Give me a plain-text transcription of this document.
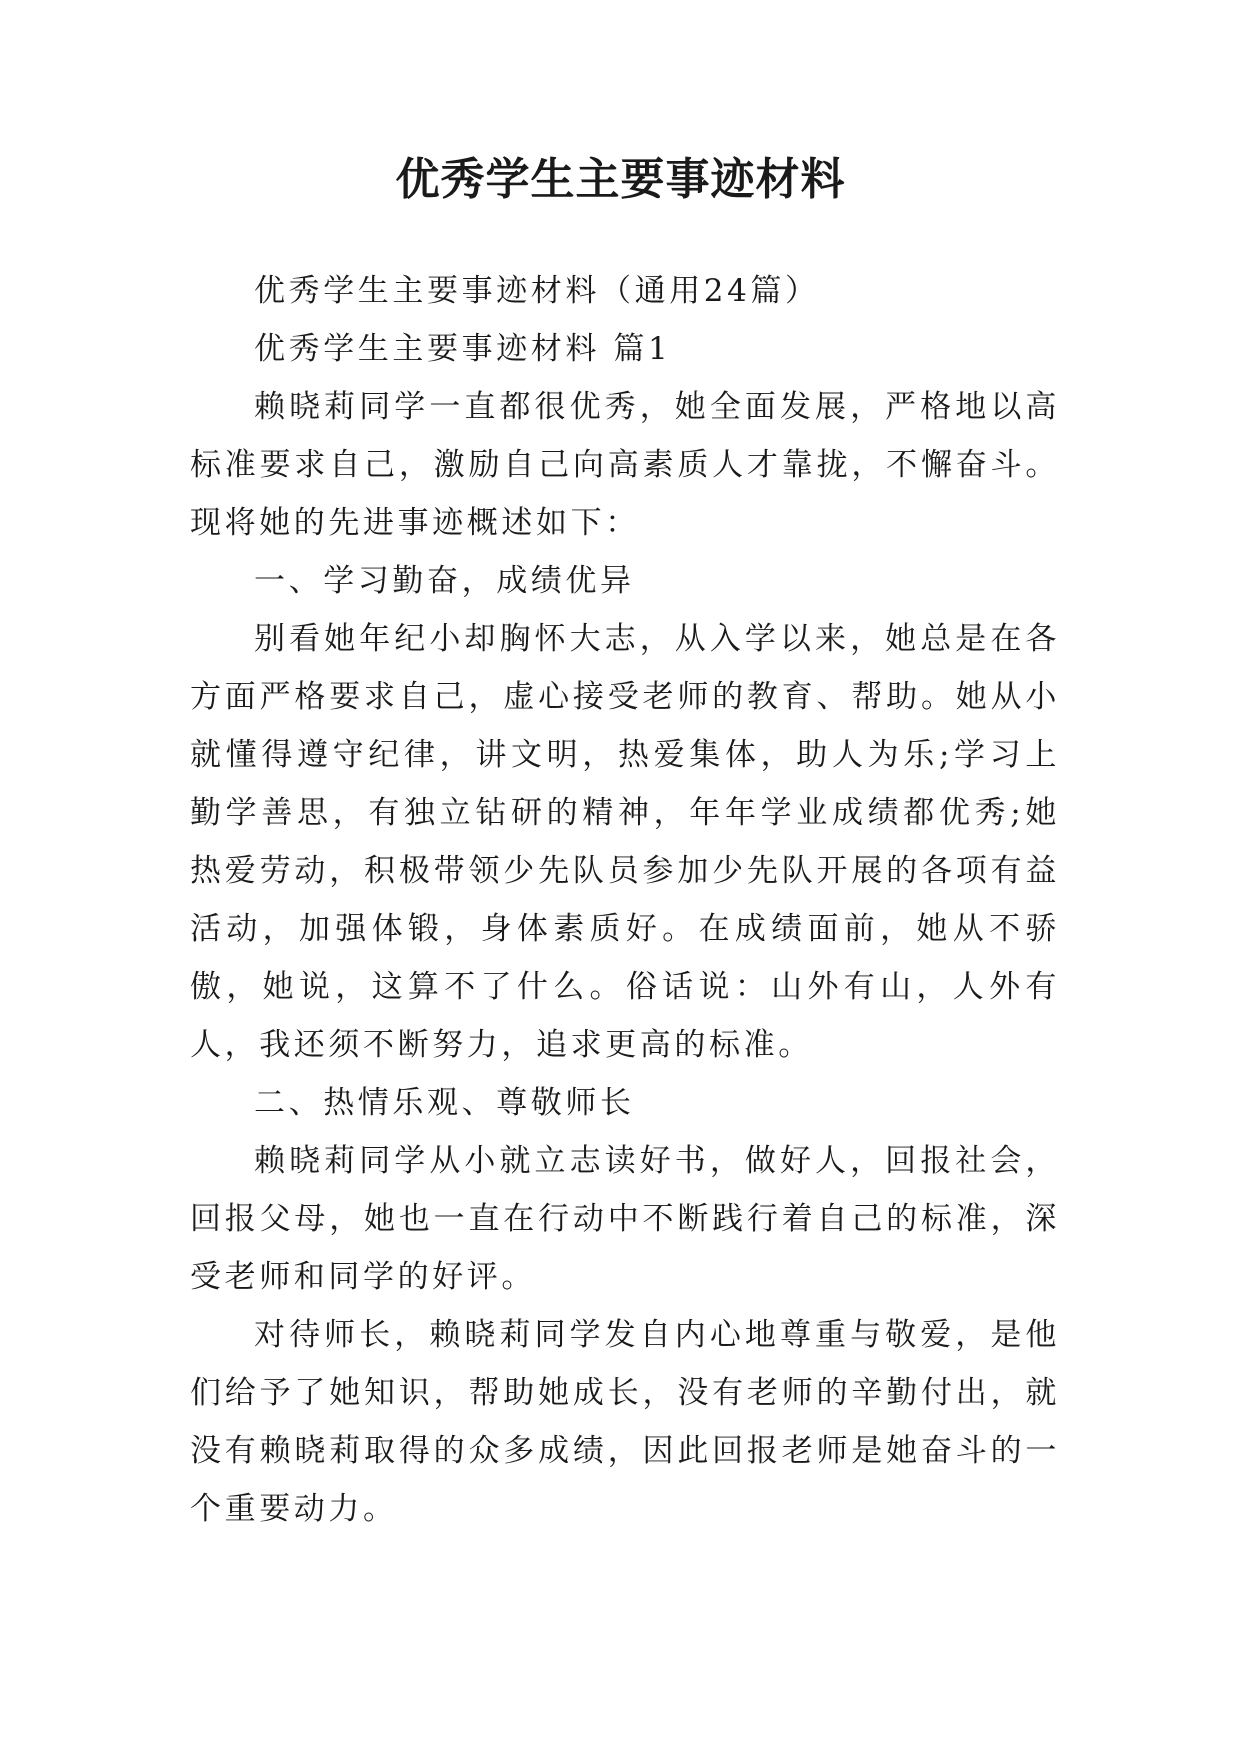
优秀学生主要事迹材料

优秀学生主要事迹材料（通用24篇）

优秀学生主要事迹材料 篇1

赖晓莉同学一直都很优秀，她全面发展，严格地以高标准要求自己，激励自己向高素质人才靠拢，不懈奋斗。现将她的先进事迹概述如下：

一、学习勤奋，成绩优异

别看她年纪小却胸怀大志，从入学以来，她总是在各方面严格要求自己，虚心接受老师的教育、帮助。她从小就懂得遵守纪律，讲文明，热爱集体，助人为乐;学习上勤学善思，有独立钻研的精神，年年学业成绩都优秀;她热爱劳动，积极带领少先队员参加少先队开展的各项有益活动，加强体锻，身体素质好。在成绩面前，她从不骄傲，她说，这算不了什么。俗话说：山外有山，人外有人，我还须不断努力，追求更高的标准。

二、热情乐观、尊敬师长

赖晓莉同学从小就立志读好书，做好人，回报社会，回报父母，她也一直在行动中不断践行着自己的标准，深受老师和同学的好评。

对待师长，赖晓莉同学发自内心地尊重与敬爱，是他们给予了她知识，帮助她成长，没有老师的辛勤付出，就没有赖晓莉取得的众多成绩，因此回报老师是她奋斗的一个重要动力。
